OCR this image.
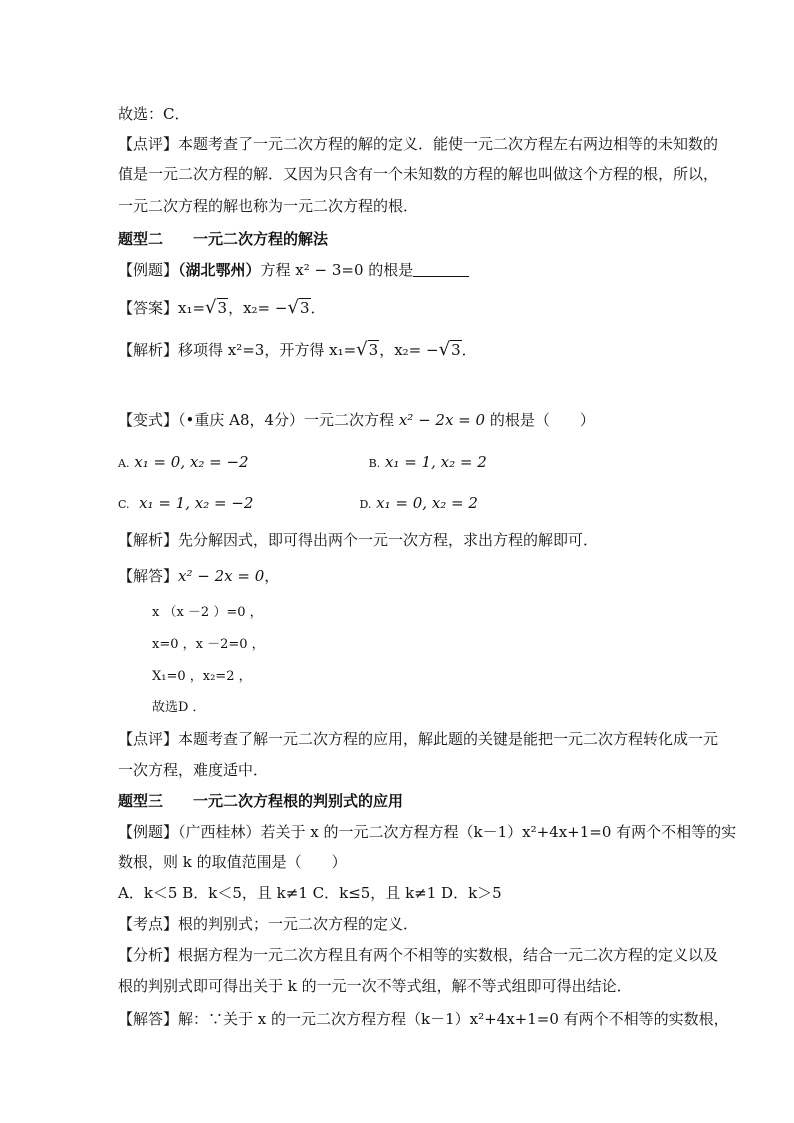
故选：C．
【点评】本题考查了一元二次方程的解的定义．能使一元二次方程左右两边相等的未知数的
值是一元二次方程的解．又因为只含有一个未知数的方程的解也叫做这个方程的根，所以，
一元二次方程的解也称为一元二次方程的根．
题型二　　一元二次方程的解法
【例题】（湖北鄂州）方程 x² − 3=0 的根是
【答案】x₁=√3，x₂= −√3．
【解析】移项得 x²=3，开方得 x₁=√3，x₂= −√3．
【变式】（•重庆 A8，4分）一元二次方程 x² − 2x = 0 的根是（　　）
A. x₁ = 0, x₂ = −2	B. x₁ = 1, x₂ = 2
C. x₁ = 1, x₂ = −2	D. x₁ = 0, x₂ = 2
【解析】先分解因式，即可得出两个一元一次方程，求出方程的解即可．
【解答】x² − 2x = 0，
x （x －2 ）=0 ，
x=0 ，x －2=0 ，
X₁=0 ，x₂=2 ，
故选D ．
【点评】本题考查了解一元二次方程的应用，解此题的关键是能把一元二次方程转化成一元
一次方程，难度适中．
题型三　　一元二次方程根的判别式的应用
【例题】（广西桂林）若关于 x 的一元二次方程方程（k－1）x²+4x+1=0 有两个不相等的实
数根，则 k 的取值范围是（　　）
A．k＜5 B．k＜5，且 k≠1 C．k≤5，且 k≠1 D．k＞5
【考点】根的判别式；一元二次方程的定义．
【分析】根据方程为一元二次方程且有两个不相等的实数根，结合一元二次方程的定义以及
根的判别式即可得出关于 k 的一元一次不等式组，解不等式组即可得出结论．
【解答】解：∵关于 x 的一元二次方程方程（k－1）x²+4x+1=0 有两个不相等的实数根，
